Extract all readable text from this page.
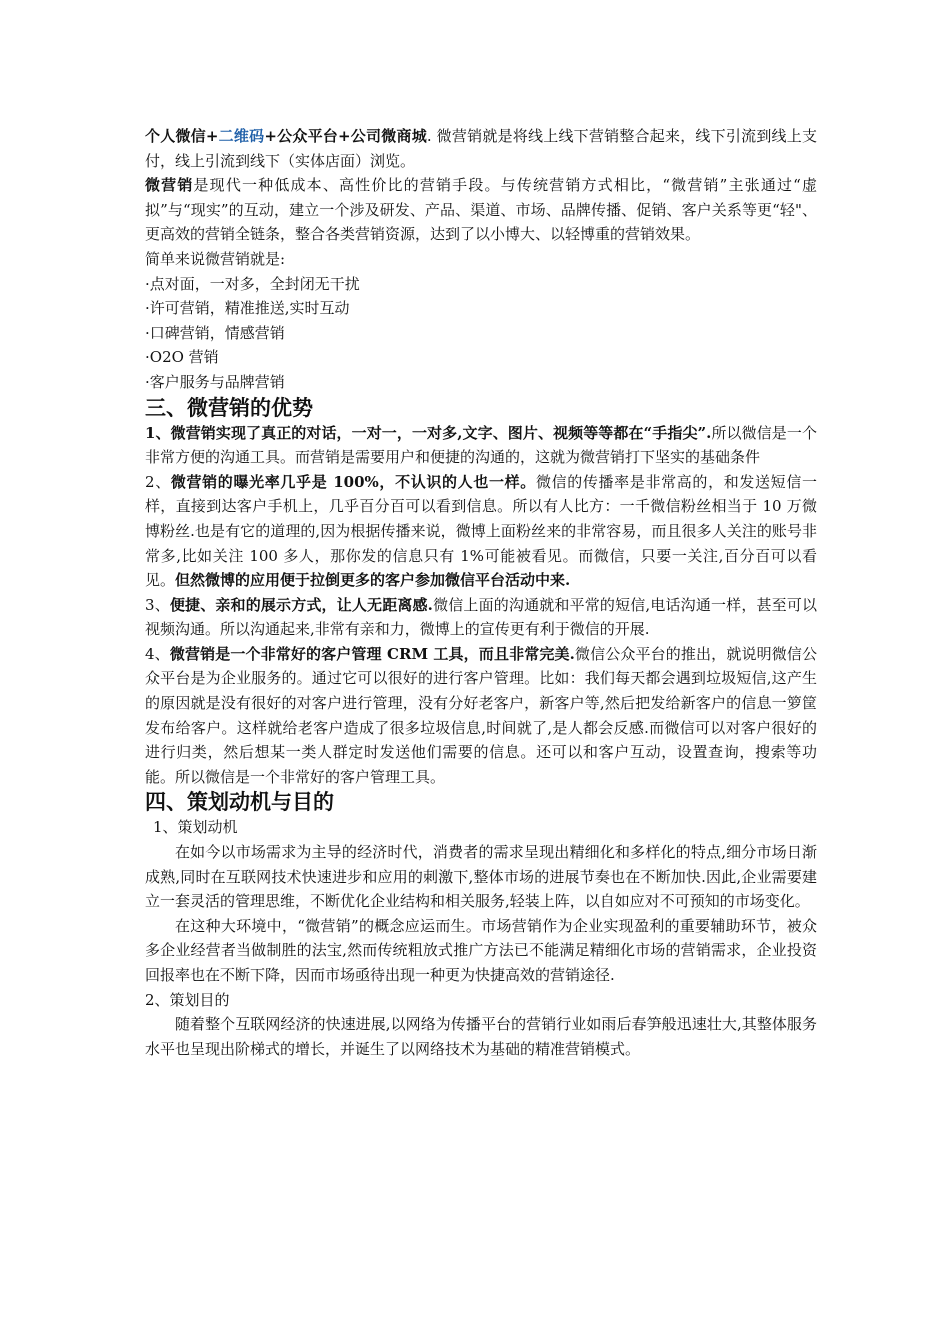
个人微信+二维码+公众平台+公司微商城. 微营销就是将线上线下营销整合起来，线下引流到线上支付，线上引流到线下（实体店面）浏览。

微营销是现代一种低成本、高性价比的营销手段。与传统营销方式相比，“微营销”主张通过“虚拟”与“现实”的互动，建立一个涉及研发、产品、渠道、市场、品牌传播、促销、客户关系等更“轻"、更高效的营销全链条，整合各类营销资源，达到了以小博大、以轻博重的营销效果。

简单来说微营销就是:

·点对面，一对多，全封闭无干扰

·许可营销，精准推送,实时互动

·口碑营销，情感营销

·O2O 营销

·客户服务与品牌营销

三、微营销的优势

1、微营销实现了真正的对话，一对一，一对多,文字、图片、视频等等都在“手指尖”.所以微信是一个非常方便的沟通工具。而营销是需要用户和便捷的沟通的，这就为微营销打下坚实的基础条件

2、微营销的曝光率几乎是 100%，不认识的人也一样。微信的传播率是非常高的，和发送短信一样，直接到达客户手机上，几乎百分百可以看到信息。所以有人比方：一千微信粉丝相当于 10 万微博粉丝.也是有它的道理的,因为根据传播来说，微博上面粉丝来的非常容易，而且很多人关注的账号非常多,比如关注 100 多人，那你发的信息只有 1%可能被看见。而微信，只要一关注,百分百可以看见。但然微博的应用便于拉倒更多的客户参加微信平台活动中来.

3、便捷、亲和的展示方式，让人无距离感.微信上面的沟通就和平常的短信,电话沟通一样，甚至可以视频沟通。所以沟通起来,非常有亲和力，微博上的宣传更有利于微信的开展.

4、微营销是一个非常好的客户管理 CRM 工具，而且非常完美.微信公众平台的推出，就说明微信公众平台是为企业服务的。通过它可以很好的进行客户管理。比如：我们每天都会遇到垃圾短信,这产生的原因就是没有很好的对客户进行管理，没有分好老客户，新客户等,然后把发给新客户的信息一箩筐发布给客户。这样就给老客户造成了很多垃圾信息,时间就了,是人都会反感.而微信可以对客户很好的进行归类，然后想某一类人群定时发送他们需要的信息。还可以和客户互动，设置查询，搜索等功能。所以微信是一个非常好的客户管理工具。

四、策划动机与目的

1、策划动机

在如今以市场需求为主导的经济时代，消费者的需求呈现出精细化和多样化的特点,细分市场日渐成熟,同时在互联网技术快速进步和应用的刺激下,整体市场的进展节奏也在不断加快.因此,企业需要建立一套灵活的管理思维，不断优化企业结构和相关服务,轻装上阵，以自如应对不可预知的市场变化。

在这种大环境中，“微营销”的概念应运而生。市场营销作为企业实现盈利的重要辅助环节，被众多企业经营者当做制胜的法宝,然而传统粗放式推广方法已不能满足精细化市场的营销需求，企业投资回报率也在不断下降，因而市场亟待出现一种更为快捷高效的营销途径.

2、策划目的

随着整个互联网经济的快速进展,以网络为传播平台的营销行业如雨后春笋般迅速壮大,其整体服务水平也呈现出阶梯式的增长，并诞生了以网络技术为基础的精准营销模式。
